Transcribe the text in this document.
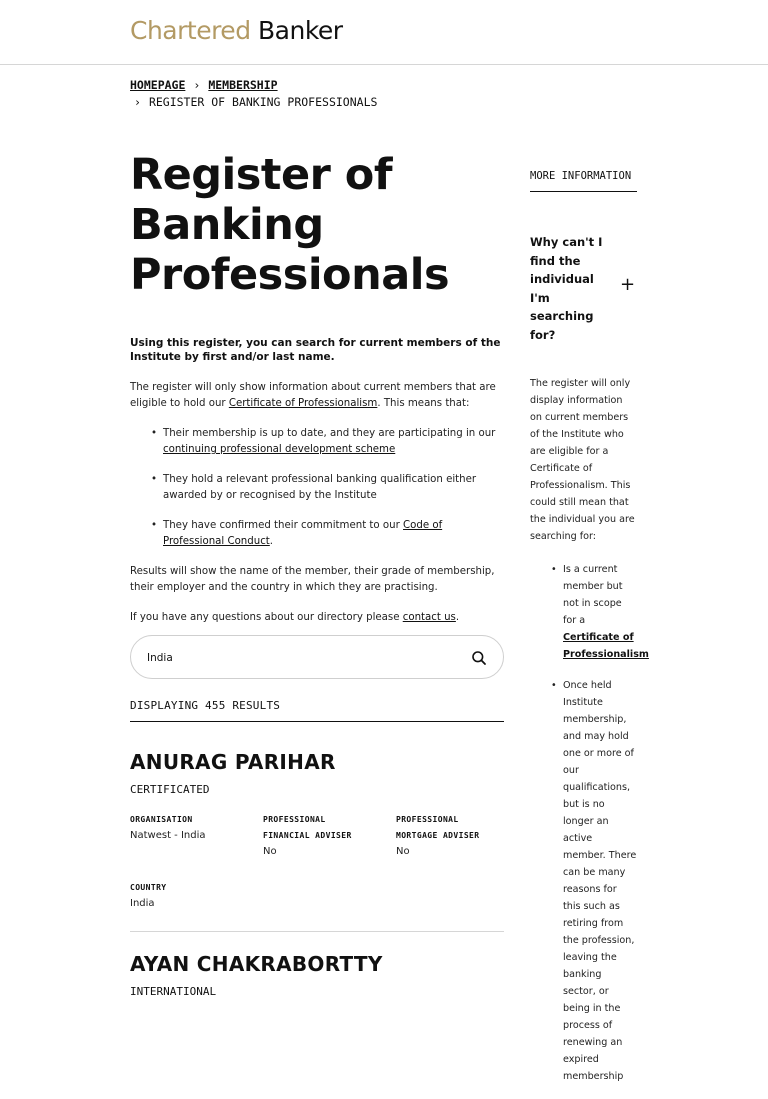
Chartered Banker
HOMEPAGE › MEMBERSHIP
› REGISTER OF BANKING PROFESSIONALS
Register of
Banking
Professionals
Using this register, you can search for current members of the Institute by first and/or last name.

The register will only show information about current members that are eligible to hold our Certificate of Professionalism. This means that:

• Their membership is up to date, and they are participating in our continuing professional development scheme
• They hold a relevant professional banking qualification either awarded by or recognised by the Institute
• They have confirmed their commitment to our Code of Professional Conduct.

Results will show the name of the member, their grade of membership, their employer and the country in which they are practising.

If you have any questions about our directory please contact us.

India
DISPLAYING 455 RESULTS
ANURAG PARIHAR
CERTIFICATED
ORGANISATION
Natwest - India
PROFESSIONAL
FINANCIAL ADVISER
No
PROFESSIONAL
MORTGAGE ADVISER
No
COUNTRY
India
AYAN CHAKRABORTTY
INTERNATIONAL
MORE INFORMATION
Why can't I find the individual I'm searching for?
+

The register will only display information on current members of the Institute who are eligible for a Certificate of Professionalism. This could still mean that the individual you are searching for:

• Is a current member but not in scope for a Certificate of Professionalism
• Once held Institute membership, and may hold one or more of our qualifications, but is no longer an active member. There can be many reasons for this such as retiring from the profession, leaving the banking sector, or being in the process of renewing an expired membership
